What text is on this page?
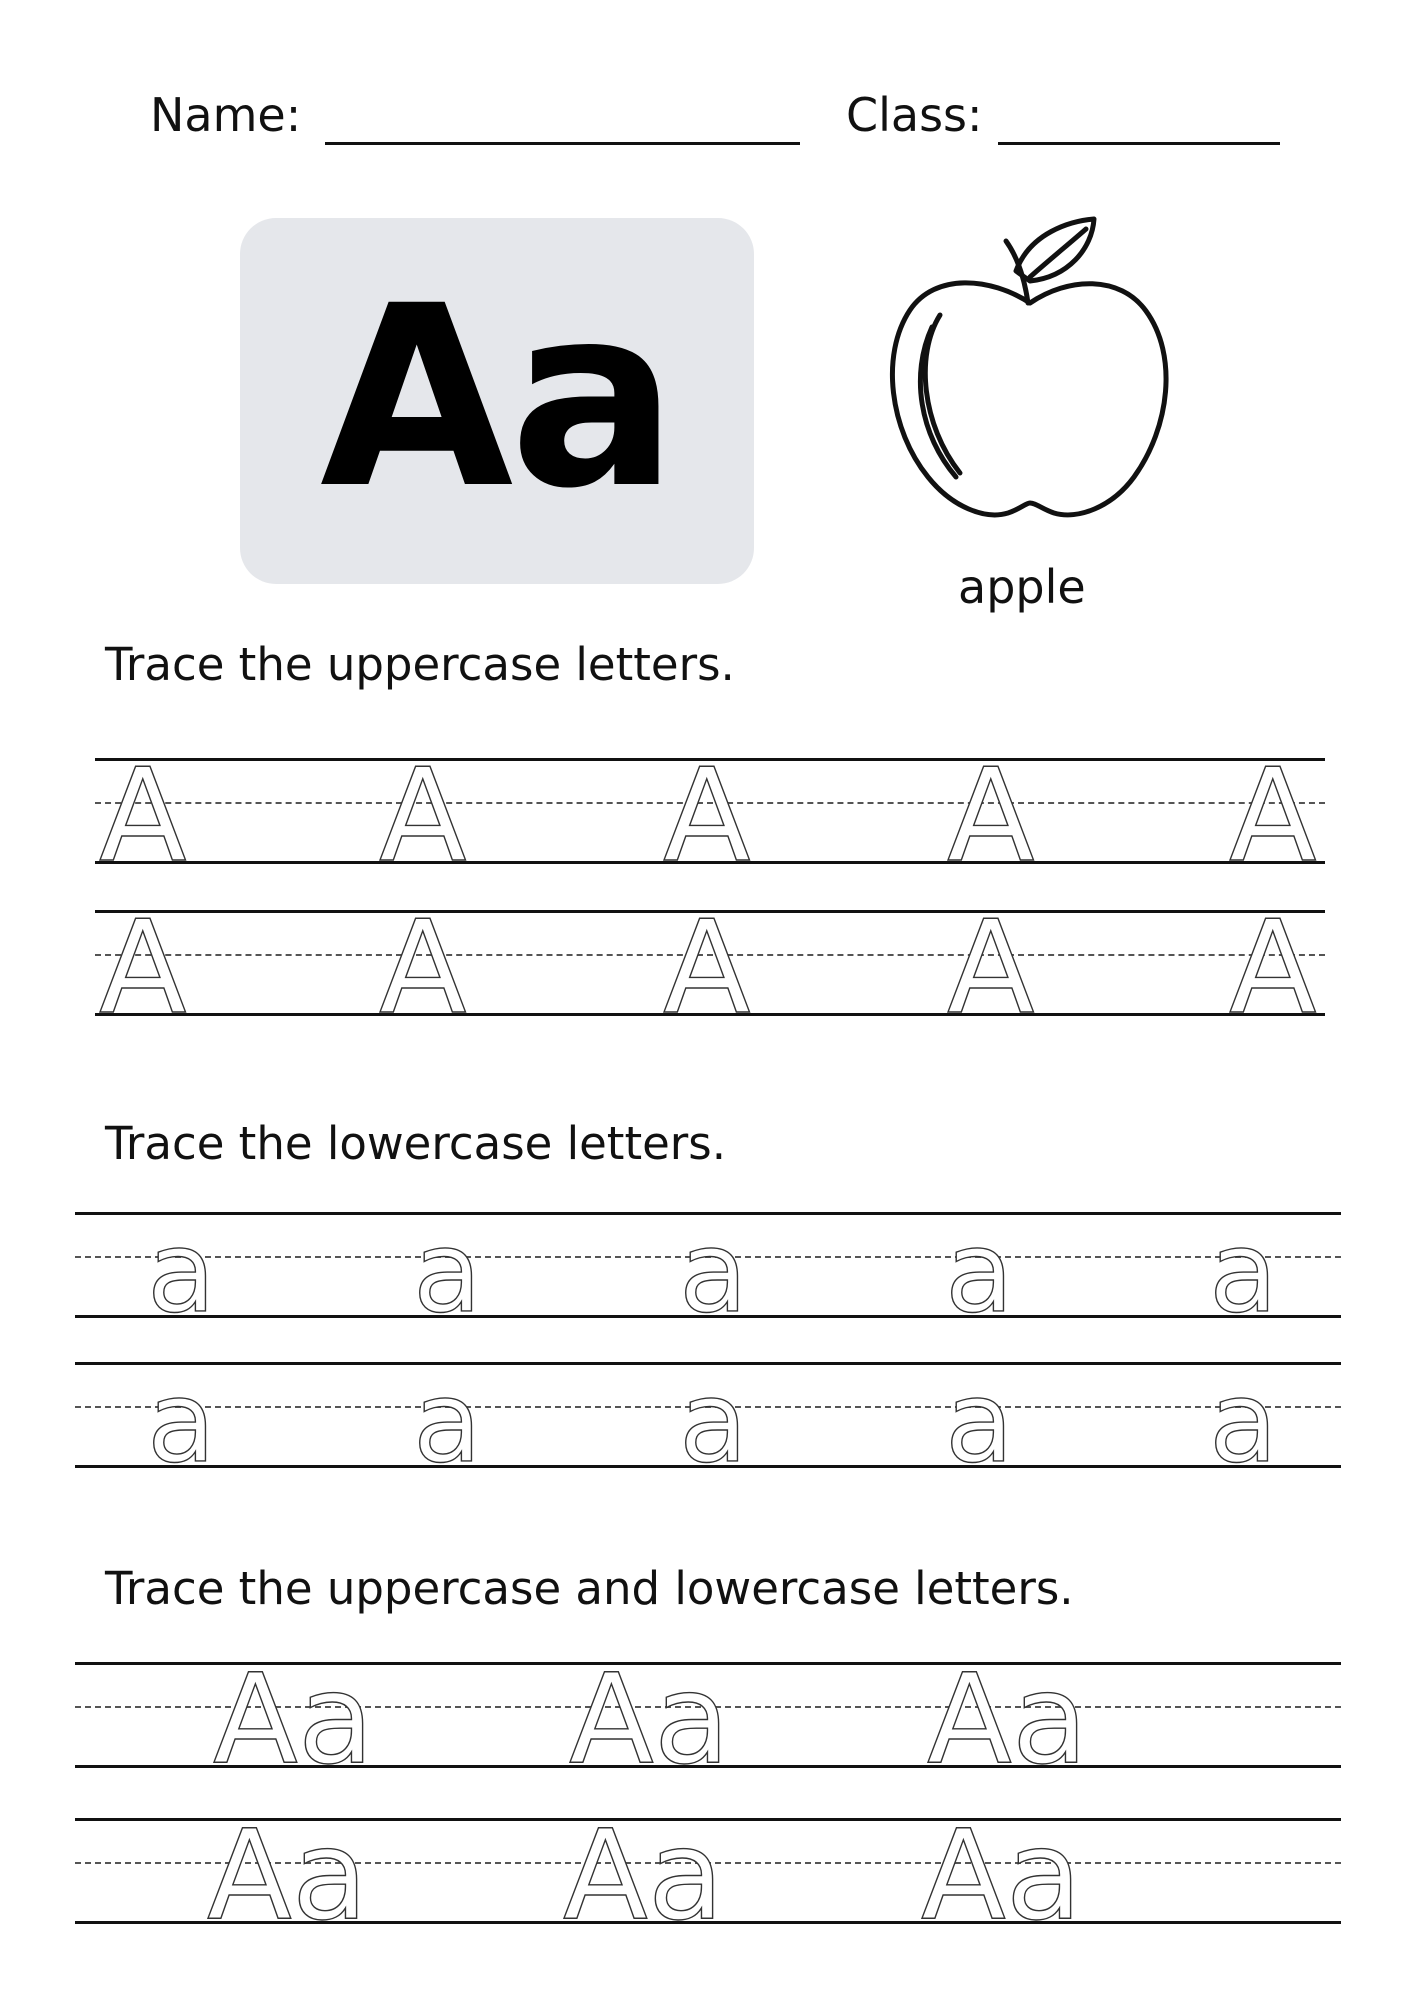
Name:	Class:
Aa
apple
Trace the uppercase letters.
A A A A A
A A A A A
Trace the lowercase letters.
a a a a a
a a a a a
Trace the uppercase and lowercase letters.
Aa Aa Aa
Aa Aa Aa
